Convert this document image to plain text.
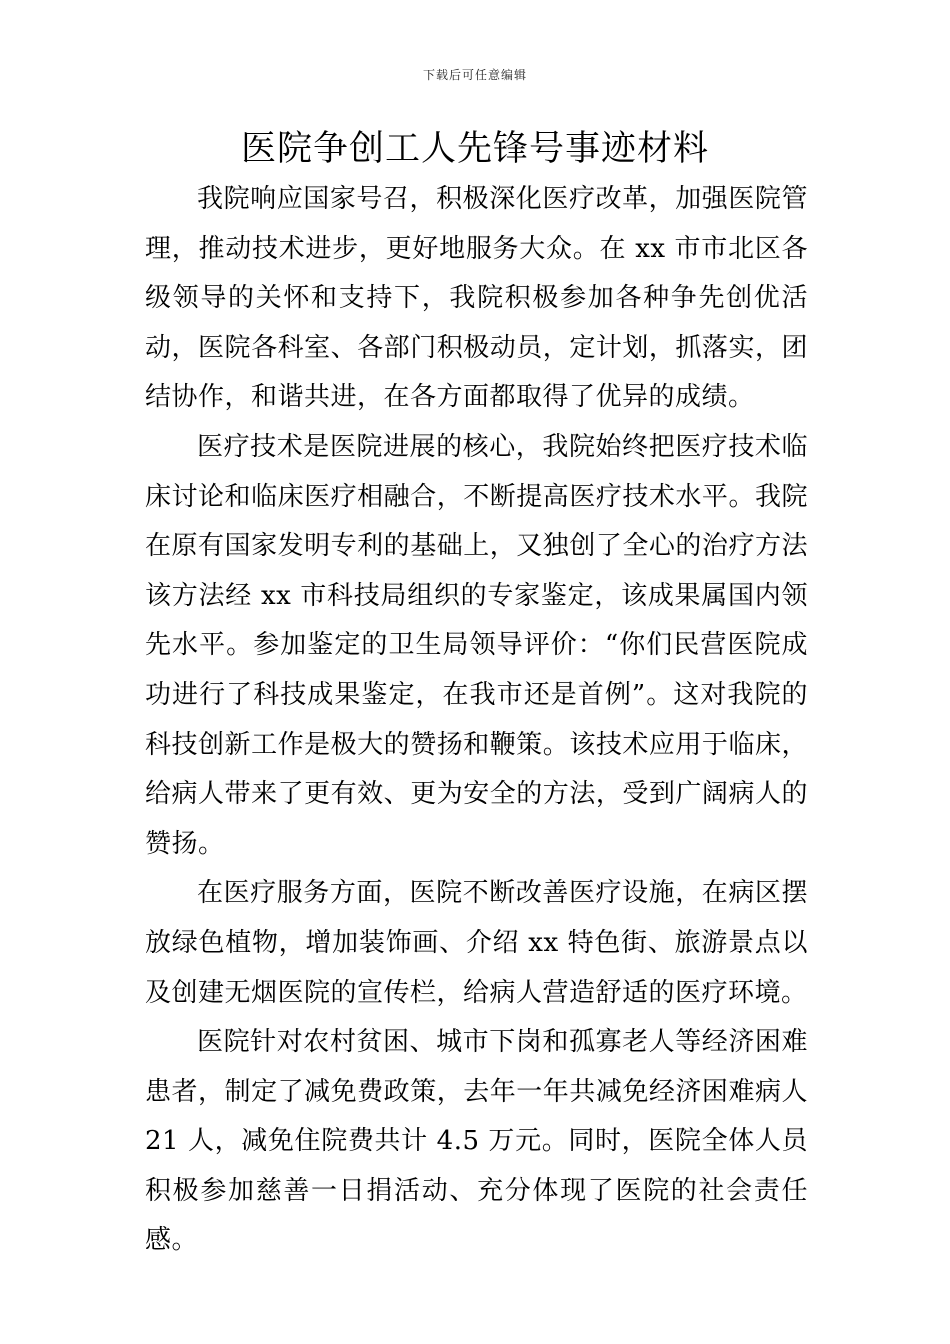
下载后可任意编辑
医院争创工人先锋号事迹材料

我院响应国家号召，积极深化医疗改革，加强医院管理，推动技术进步，更好地服务大众。在 xx 市市北区各级领导的关怀和支持下，我院积极参加各种争先创优活动，医院各科室、各部门积极动员，定计划，抓落实，团结协作，和谐共进，在各方面都取得了优异的成绩。

医疗技术是医院进展的核心，我院始终把医疗技术临床讨论和临床医疗相融合，不断提高医疗技术水平。我院在原有国家发明专利的基础上，又独创了全心的治疗方法该方法经 xx 市科技局组织的专家鉴定，该成果属国内领先水平。参加鉴定的卫生局领导评价：“你们民营医院成功进行了科技成果鉴定，在我市还是首例”。这对我院的科技创新工作是极大的赞扬和鞭策。该技术应用于临床，给病人带来了更有效、更为安全的方法，受到广阔病人的赞扬。

在医疗服务方面，医院不断改善医疗设施，在病区摆放绿色植物，增加装饰画、介绍 xx 特色街、旅游景点以及创建无烟医院的宣传栏，给病人营造舒适的医疗环境。

医院针对农村贫困、城市下岗和孤寡老人等经济困难患者，制定了减免费政策，去年一年共减免经济困难病人 21 人，减免住院费共计 4.5 万元。同时，医院全体人员积极参加慈善一日捐活动、充分体现了医院的社会责任感。
